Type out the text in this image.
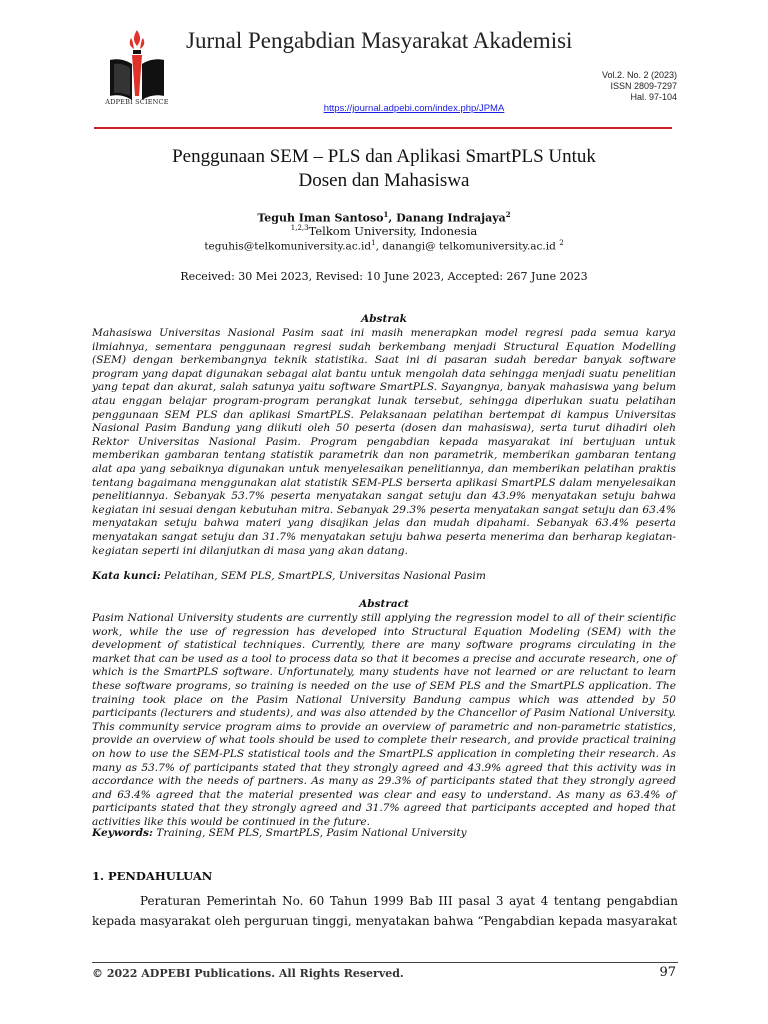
ADPEBI SCIENCE
Jurnal Pengabdian Masyarakat Akademisi
Vol.2. No. 2 (2023)
ISSN 2809-7297
Hal. 97-104
https://journal.adpebi.com/index.php/JPMA
Penggunaan SEM – PLS dan Aplikasi SmartPLS Untuk
Dosen dan Mahasiswa
Teguh Iman Santoso$^1$, Danang Indrajaya$^2$
$^{1,2,3}$Telkom University, Indonesia
$teguhis@telkomuniversity.ac.id^1$, danangi@ telkomuniversity.ac.id $^2$
Received: 30 Mei 2023, Revised: 10 June 2023, Accepted: 267 June 2023
Abstrak

Mahasiswa Universitas Nasional Pasim saat ini masih menerapkan model regresi pada semua karya ilmiahnya, sementara penggunaan regresi sudah berkembang menjadi Structural Equation Modelling (SEM) dengan berkembangnya teknik statistika. Saat ini di pasaran sudah beredar banyak software program yang dapat digunakan sebagai alat bantu untuk mengolah data sehingga menjadi suatu penelitian yang tepat dan akurat, salah satunya yaitu software SmartPLS. Sayangnya, banyak mahasiswa yang belum atau enggan belajar program-program perangkat lunak tersebut, sehingga diperlukan suatu pelatihan penggunaan SEM PLS dan aplikasi SmartPLS. Pelaksanaan pelatihan bertempat di kampus Universitas Nasional Pasim Bandung yang diikuti oleh 50 peserta (dosen dan mahasiswa), serta turut dihadiri oleh Rektor Universitas Nasional Pasim. Program pengabdian kepada masyarakat ini bertujuan untuk memberikan gambaran tentang statistik parametrik dan non parametrik, memberikan gambaran tentang alat apa yang sebaiknya digunakan untuk menyelesaikan penelitiannya, dan memberikan pelatihan praktis tentang bagaimana menggunakan alat statistik SEM-PLS berserta aplikasi SmartPLS dalam menyelesaikan penelitiannya. Sebanyak 53.7% peserta menyatakan sangat setuju dan 43.9% menyatakan setuju bahwa kegiatan ini sesuai dengan kebutuhan mitra. Sebanyak 29.3% peserta menyatakan sangat setuju dan 63.4% menyatakan setuju bahwa materi yang disajikan jelas dan mudah dipahami. Sebanyak 63.4% peserta menyatakan sangat setuju dan 31.7% menyatakan setuju bahwa peserta menerima dan berharap kegiatan-kegiatan seperti ini dilanjutkan di masa yang akan datang.

Kata kunci: Pelatihan, SEM PLS, SmartPLS, Universitas Nasional Pasim
Abstract

Pasim National University students are currently still applying the regression model to all of their scientific work, while the use of regression has developed into Structural Equation Modeling (SEM) with the development of statistical techniques. Currently, there are many software programs circulating in the market that can be used as a tool to process data so that it becomes a precise and accurate research, one of which is the SmartPLS software. Unfortunately, many students have not learned or are reluctant to learn these software programs, so training is needed on the use of SEM PLS and the SmartPLS application. The training took place on the Pasim National University Bandung campus which was attended by 50 participants (lecturers and students), and was also attended by the Chancellor of Pasim National University. This community service program aims to provide an overview of parametric and non-parametric statistics, provide an overview of what tools should be used to complete their research, and provide practical training on how to use the SEM-PLS statistical tools and the SmartPLS application in completing their research. As many as 53.7% of participants stated that they strongly agreed and 43.9% agreed that this activity was in accordance with the needs of partners. As many as 29.3% of participants stated that they strongly agreed and 63.4% agreed that the material presented was clear and easy to understand. As many as 63.4% of participants stated that they strongly agreed and 31.7% agreed that participants accepted and hoped that activities like this would be continued in the future.

Keywords: Training, SEM PLS, SmartPLS, Pasim National University
1. PENDAHULUAN

Peraturan Pemerintah No. 60 Tahun 1999 Bab III pasal 3 ayat 4 tentang pengabdian kepada masyarakat oleh perguruan tinggi, menyatakan bahwa “Pengabdian kepada masyarakat

© 2022 ADPEBI Publications. All Rights Reserved.	97
